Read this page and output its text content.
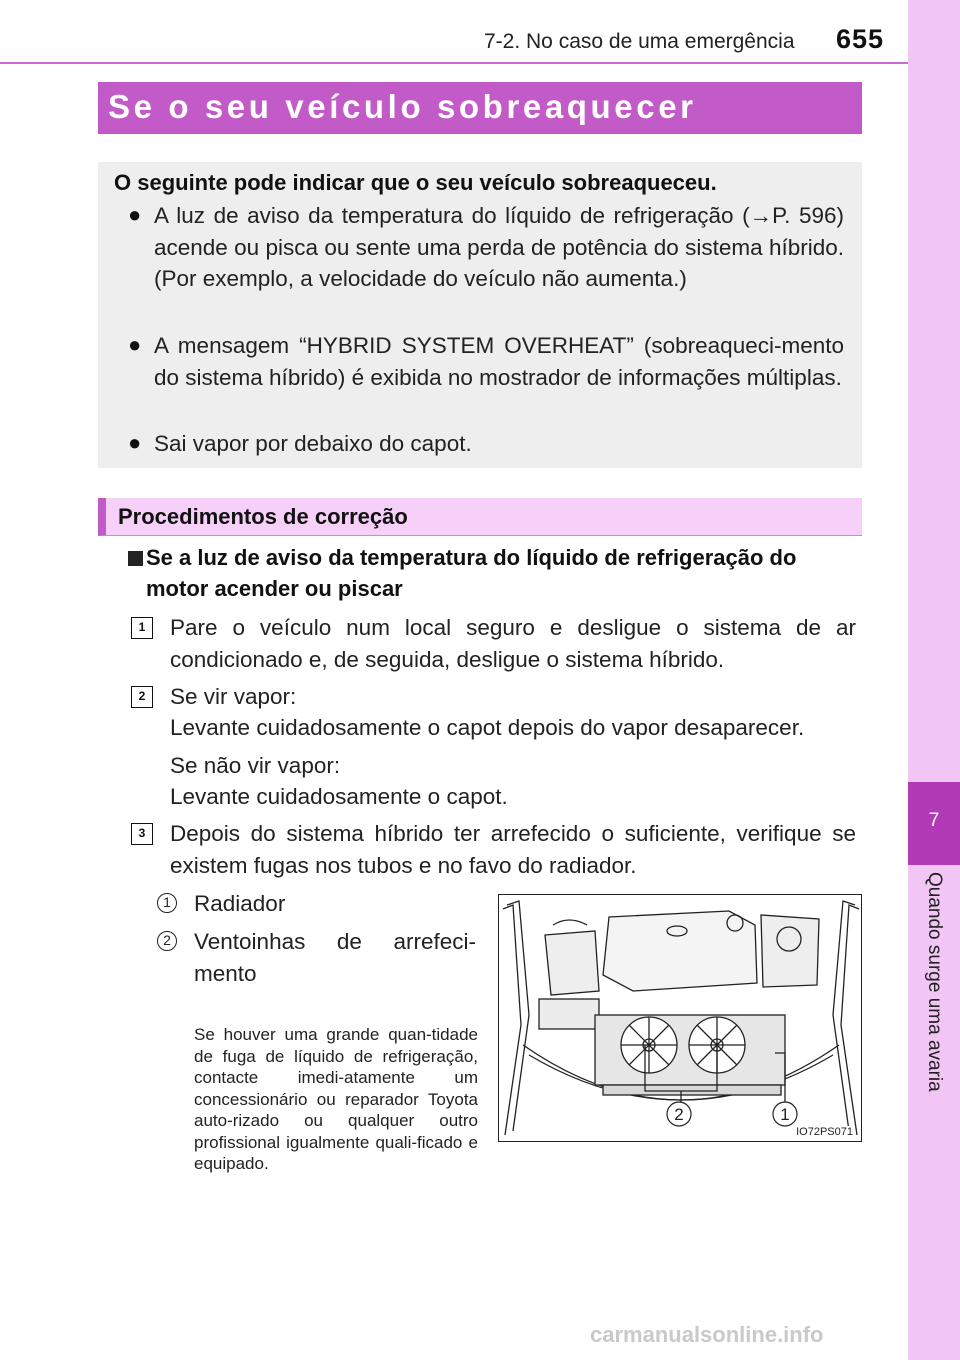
7-2. No caso de uma emergência 655
7
Quando surge uma avaria
Se o seu veículo sobreaquecer
O seguinte pode indicar que o seu veículo sobreaqueceu.
● A luz de aviso da temperatura do líquido de refrigeração (→P. 596) acende ou pisca ou sente uma perda de potência do sistema híbrido. (Por exemplo, a velocidade do veículo não aumenta.)
● A mensagem “HYBRID SYSTEM OVERHEAT” (sobreaqueci-mento do sistema híbrido) é exibida no mostrador de informações múltiplas.
● Sai vapor por debaixo do capot.
Procedimentos de correção
Se a luz de aviso da temperatura do líquido de refrigeração do motor acender ou piscar
1	Pare o veículo num local seguro e desligue o sistema de ar condicionado e, de seguida, desligue o sistema híbrido.
2	Se vir vapor:
Levante cuidadosamente o capot depois do vapor desaparecer.
Se não vir vapor:
Levante cuidadosamente o capot.
3	Depois do sistema híbrido ter arrefecido o suficiente, verifique se existem fugas nos tubos e no favo do radiador.
1 Radiador
2 Ventoinhas de arrefeci-mento
Se houver uma grande quan-tidade de fuga de líquido de refrigeração, contacte imedi-atamente um concessionário ou reparador Toyota auto-rizado ou qualquer outro profissional igualmente quali-ficado e equipado.
2	1
IO72PS071
carmanualsonline.info
